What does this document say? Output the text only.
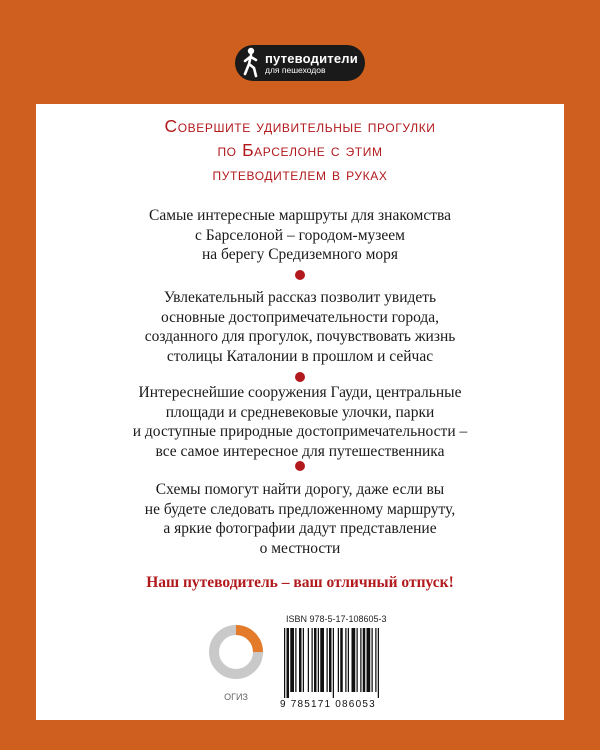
путеводители
для пешеходов
Совершите удивительные прогулки
по Барселоне с этим
путеводителем в руках
Самые интересные маршруты для знакомства
с Барселоной – городом-музеем
на берегу Средиземного моря
Увлекательный рассказ позволит увидеть
основные достопримечательности города,
созданного для прогулок, почувствовать жизнь
столицы Каталонии в прошлом и сейчас
Интереснейшие сооружения Гауди, центральные
площади и средневековые улочки, парки
и доступные природные достопримечательности –
все самое интересное для путешественника
Схемы помогут найти дорогу, даже если вы
не будете следовать предложенному маршруту,
а яркие фотографии дадут представление
о местности
Наш путеводитель – ваш отличный отпуск!
ОГИЗ
ISBN 978-5-17-108605-3
9 785171 086053
